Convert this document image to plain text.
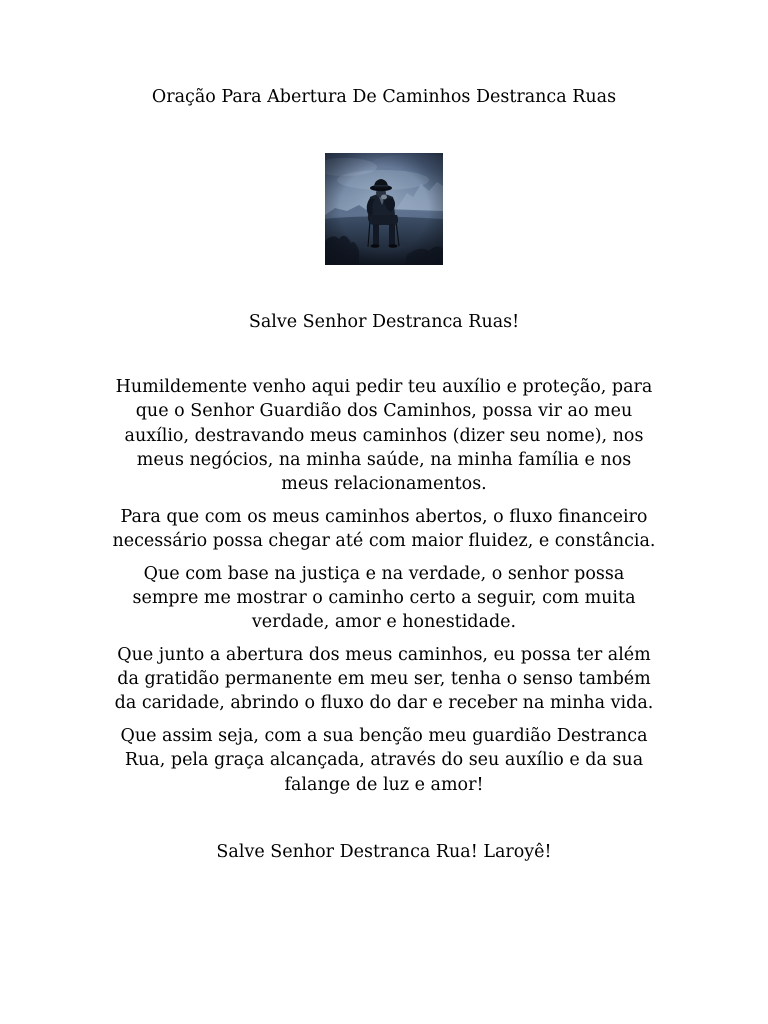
Oração Para Abertura De Caminhos Destranca Ruas
Salve Senhor Destranca Ruas!
Humildemente venho aqui pedir teu auxílio e proteção, para
que o Senhor Guardião dos Caminhos, possa vir ao meu
auxílio, destravando meus caminhos (dizer seu nome), nos
meus negócios, na minha saúde, na minha família e nos
meus relacionamentos.
Para que com os meus caminhos abertos, o fluxo financeiro
necessário possa chegar até com maior fluidez, e constância.
Que com base na justiça e na verdade, o senhor possa
sempre me mostrar o caminho certo a seguir, com muita
verdade, amor e honestidade.
Que junto a abertura dos meus caminhos, eu possa ter além
da gratidão permanente em meu ser, tenha o senso também
da caridade, abrindo o fluxo do dar e receber na minha vida.
Que assim seja, com a sua benção meu guardião Destranca
Rua, pela graça alcançada, através do seu auxílio e da sua
falange de luz e amor!
Salve Senhor Destranca Rua! Laroyê!
